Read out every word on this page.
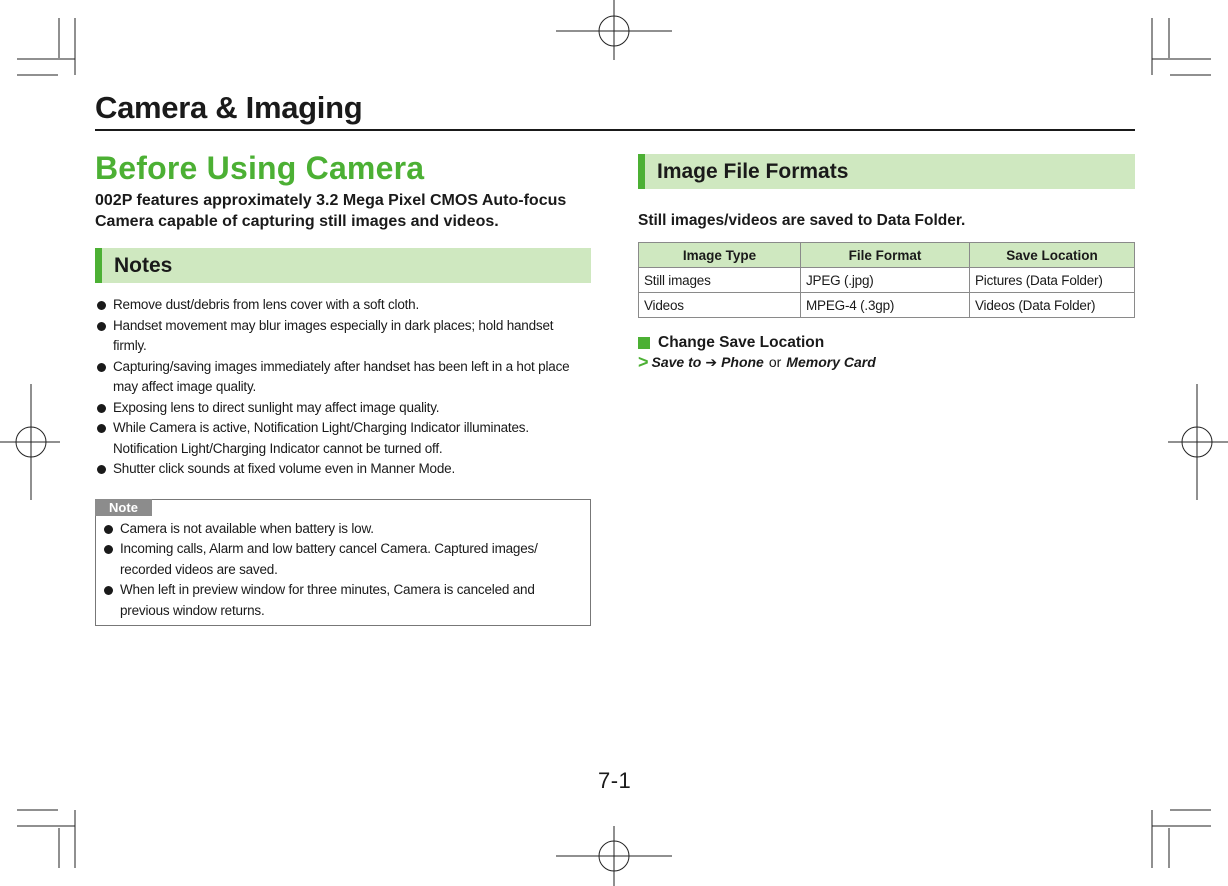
Camera & Imaging
Before Using Camera

002P features approximately 3.2 Mega Pixel CMOS Auto-focus
Camera capable of capturing still images and videos.

Notes
Remove dust/debris from lens cover with a soft cloth.
Handset movement may blur images especially in dark places; hold handset
firmly.
Capturing/saving images immediately after handset has been left in a hot place
may affect image quality.
Exposing lens to direct sunlight may affect image quality.
While Camera is active, Notification Light/Charging Indicator illuminates.
Notification Light/Charging Indicator cannot be turned off.
Shutter click sounds at fixed volume even in Manner Mode.
Note
Camera is not available when battery is low.
Incoming calls, Alarm and low battery cancel Camera. Captured images/
recorded videos are saved.
When left in preview window for three minutes, Camera is canceled and
previous window returns.
Image File Formats

Still images/videos are saved to Data Folder.

Image Type	File Format	Save Location
Still images	JPEG (.jpg)	Pictures (Data Folder)
Videos	MPEG-4 (.3gp)	Videos (Data Folder)
Change Save Location
> Save to ➔ Phone or Memory Card
7-1
